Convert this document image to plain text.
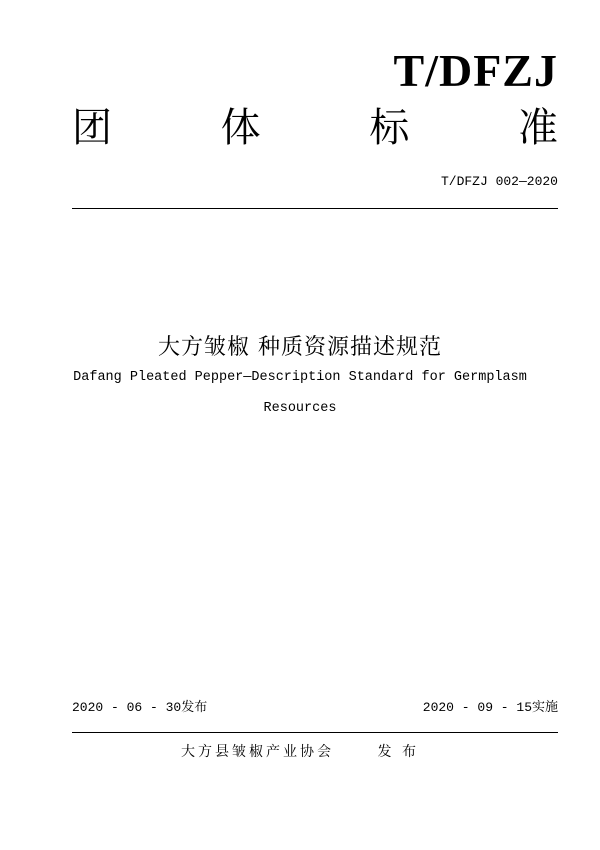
T/DFZJ
团	体	标	准
T/DFZJ 002—2020
大方皱椒 种质资源描述规范
Dafang Pleated Pepper—Description Standard for Germplasm
Resources
2020 - 06 - 30发布	2020 - 09 - 15实施
大方县皱椒产业协会	发 布
